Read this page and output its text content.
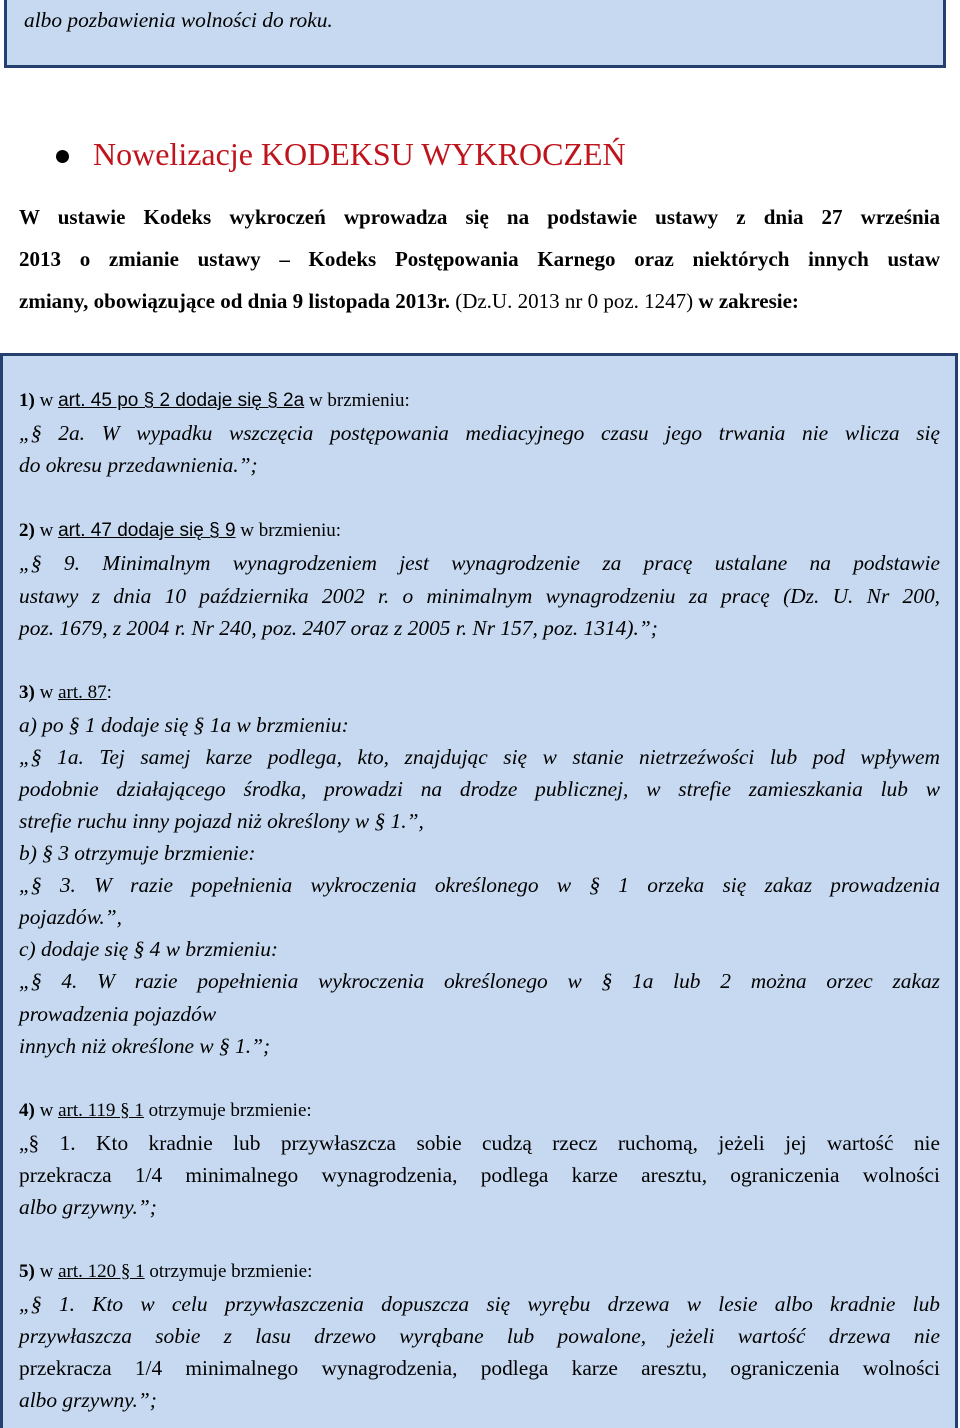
albo pozbawienia wolności do roku.
Nowelizacje KODEKSU WYKROCZEŃ
W ustawie Kodeks wykroczeń wprowadza się na podstawie ustawy z dnia 27 września
2013 o zmianie ustawy – Kodeks Postępowania Karnego oraz niektórych innych ustaw
zmiany, obowiązujące od dnia 9 listopada 2013r. (Dz.U. 2013 nr 0 poz. 1247) w zakresie:
1) w art. 45 po § 2 dodaje się § 2a w brzmieniu:
„§ 2a. W wypadku wszczęcia postępowania mediacyjnego czasu jego trwania nie wlicza się
do okresu przedawnienia.”;
2) w art. 47 dodaje się § 9 w brzmieniu:
„§ 9. Minimalnym wynagrodzeniem jest wynagrodzenie za pracę ustalane na podstawie
ustawy z dnia 10 października 2002 r. o minimalnym wynagrodzeniu za pracę (Dz. U. Nr 200,
poz. 1679, z 2004 r. Nr 240, poz. 2407 oraz z 2005 r. Nr 157, poz. 1314).”;
3) w art. 87:
a) po § 1 dodaje się § 1a w brzmieniu:
„§ 1a. Tej samej karze podlega, kto, znajdując się w stanie nietrzeźwości lub pod wpływem
podobnie działającego środka, prowadzi na drodze publicznej, w strefie zamieszkania lub w
strefie ruchu inny pojazd niż określony w § 1.”,
b) § 3 otrzymuje brzmienie:
„§ 3. W razie popełnienia wykroczenia określonego w § 1 orzeka się zakaz prowadzenia
pojazdów.”,
c) dodaje się § 4 w brzmieniu:
„§ 4. W razie popełnienia wykroczenia określonego w § 1a lub 2 można orzec zakaz
prowadzenia pojazdów
innych niż określone w § 1.”;
4) w art. 119 § 1 otrzymuje brzmienie:
„§ 1. Kto kradnie lub przywłaszcza sobie cudzą rzecz ruchomą, jeżeli jej wartość nie
przekracza 1/4 minimalnego wynagrodzenia, podlega karze aresztu, ograniczenia wolności
albo grzywny.”;
5) w art. 120 § 1 otrzymuje brzmienie:
„§ 1. Kto w celu przywłaszczenia dopuszcza się wyrębu drzewa w lesie albo kradnie lub
przywłaszcza sobie z lasu drzewo wyrąbane lub powalone, jeżeli wartość drzewa nie
przekracza 1/4 minimalnego wynagrodzenia, podlega karze aresztu, ograniczenia wolności
albo grzywny.”;
